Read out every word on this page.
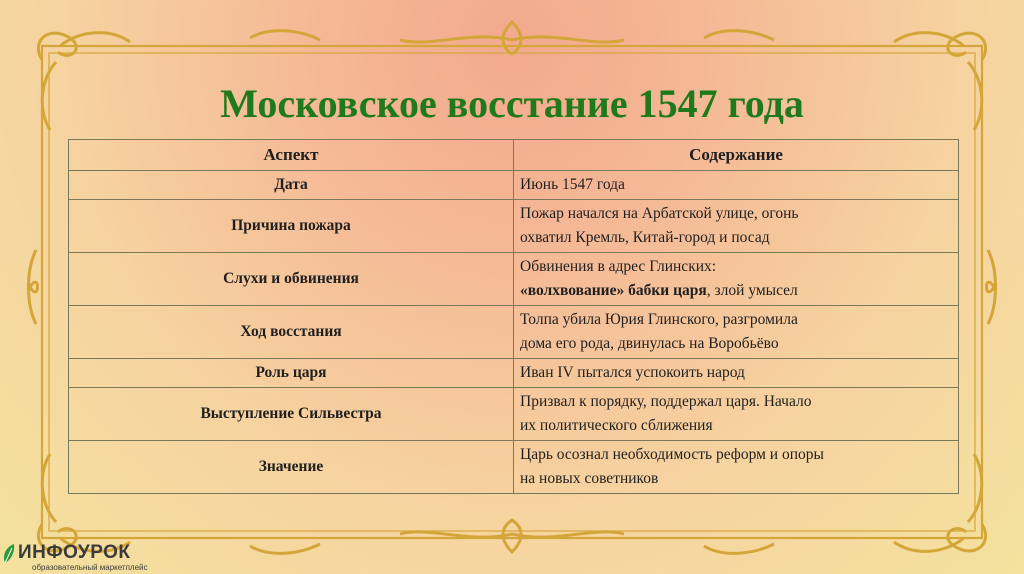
Московское восстание 1547 года
Аспект	Содержание
Дата	Июнь 1547 года
Причина пожара	Пожар начался на Арбатской улице, огонь
охватил Кремль, Китай-город и посад
Слухи и обвинения	Обвинения в адрес Глинских:
«волхвование» бабки царя, злой умысел
Ход восстания	Толпа убила Юрия Глинского, разгромила
дома его рода, двинулась на Воробьёво
Роль царя	Иван IV пытался успокоить народ
Выступление Сильвестра	Призвал к порядку, поддержал царя. Начало
их политического сближения
Значение	Царь осознал необходимость реформ и опоры
на новых советников
ИНФОУРОК
образовательный маркетплейс
